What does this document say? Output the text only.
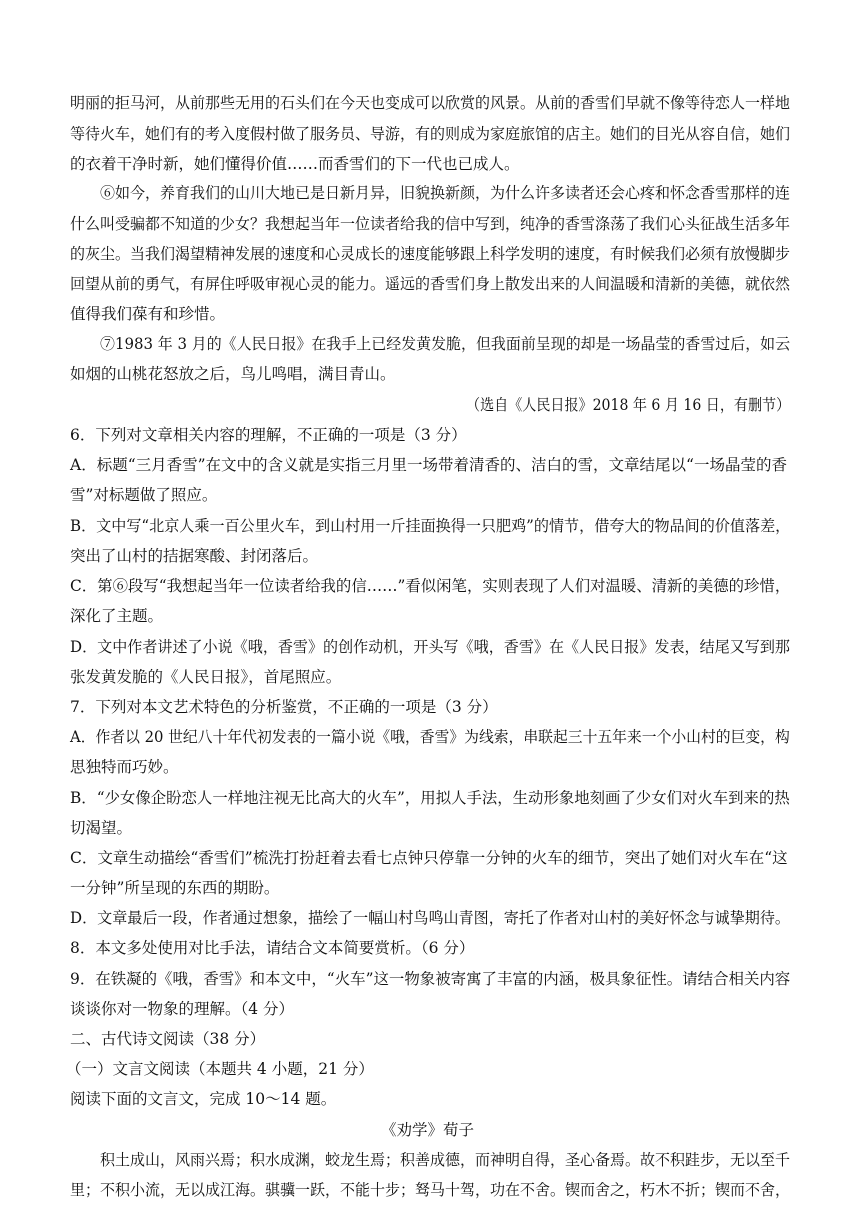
明丽的拒马河，从前那些无用的石头们在今天也变成可以欣赏的风景。从前的香雪们早就不像等待恋人一样地
等待火车，她们有的考入度假村做了服务员、导游，有的则成为家庭旅馆的店主。她们的目光从容自信，她们
的衣着干净时新，她们懂得价值……而香雪们的下一代也已成人。
⑥如今，养育我们的山川大地已是日新月异，旧貌换新颜，为什么许多读者还会心疼和怀念香雪那样的连
什么叫受骗都不知道的少女？我想起当年一位读者给我的信中写到，纯净的香雪涤荡了我们心头征战生活多年
的灰尘。当我们渴望精神发展的速度和心灵成长的速度能够跟上科学发明的速度，有时候我们必须有放慢脚步
回望从前的勇气，有屏住呼吸审视心灵的能力。遥远的香雪们身上散发出来的人间温暖和清新的美德，就依然
值得我们葆有和珍惜。
⑦1983 年 3 月的《人民日报》在我手上已经发黄发脆，但我面前呈现的却是一场晶莹的香雪过后，如云
如烟的山桃花怒放之后，鸟儿鸣唱，满目青山。
（选自《人民日报》2018 年 6 月 16 日，有删节）
6．下列对文章相关内容的理解，不正确的一项是（3 分）
A．标题“三月香雪”在文中的含义就是实指三月里一场带着清香的、洁白的雪，文章结尾以“一场晶莹的香
雪”对标题做了照应。
B．文中写“北京人乘一百公里火车，到山村用一斤挂面换得一只肥鸡”的情节，借夸大的物品间的价值落差，
突出了山村的拮据寒酸、封闭落后。
C．第⑥段写“我想起当年一位读者给我的信……”看似闲笔，实则表现了人们对温暖、清新的美德的珍惜，
深化了主题。
D．文中作者讲述了小说《哦，香雪》的创作动机，开头写《哦，香雪》在《人民日报》发表，结尾又写到那
张发黄发脆的《人民日报》，首尾照应。
7．下列对本文艺术特色的分析鉴赏，不正确的一项是（3 分）
A．作者以 20 世纪八十年代初发表的一篇小说《哦，香雪》为线索，串联起三十五年来一个小山村的巨变，构
思独特而巧妙。
B．“少女像企盼恋人一样地注视无比高大的火车”，用拟人手法，生动形象地刻画了少女们对火车到来的热
切渴望。
C．文章生动描绘“香雪们”梳洗打扮赶着去看七点钟只停靠一分钟的火车的细节，突出了她们对火车在“这
一分钟”所呈现的东西的期盼。
D．文章最后一段，作者通过想象，描绘了一幅山村鸟鸣山青图，寄托了作者对山村的美好怀念与诚挚期待。
8．本文多处使用对比手法，请结合文本简要赏析。（6 分）
9．在铁凝的《哦，香雪》和本文中，“火车”这一物象被寄寓了丰富的内涵，极具象征性。请结合相关内容
谈谈你对一物象的理解。（4 分）
二、古代诗文阅读（38 分）
（一）文言文阅读（本题共 4 小题，21 分）
阅读下面的文言文，完成 10～14 题。
《劝学》荀子
积土成山，风雨兴焉；积水成渊，蛟龙生焉；积善成德，而神明自得，圣心备焉。故不积跬步，无以至千
里；不积小流，无以成江海。骐骥一跃，不能十步；驽马十驾，功在不舍。锲而舍之，朽木不折；锲而不舍，
